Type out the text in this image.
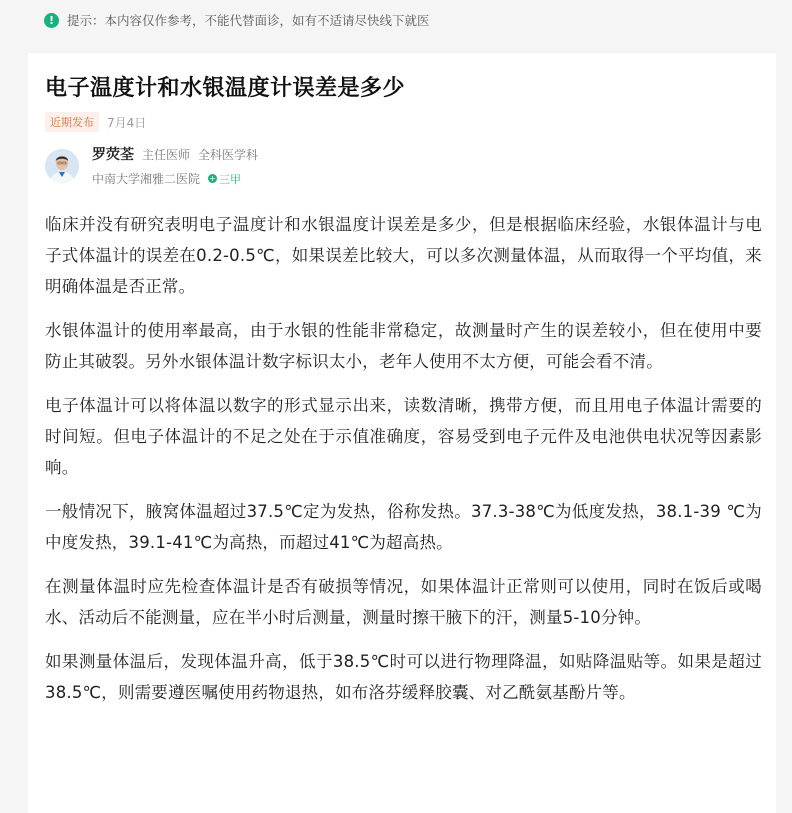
!	提示：本内容仅作参考，不能代替面诊，如有不适请尽快线下就医
电子温度计和水银温度计误差是多少
近期发布	7月4日
罗荧荃 主任医师 全科医学科
中南大学湘雅二医院 + 三甲

临床并没有研究表明电子温度计和水银温度计误差是多少，但是根据临床经验，水银体温计与电子式体温计的误差在0.2-0.5℃，如果误差比较大，可以多次测量体温，从而取得一个平均值，来明确体温是否正常。

水银体温计的使用率最高，由于水银的性能非常稳定，故测量时产生的误差较小，但在使用中要防止其破裂。另外水银体温计数字标识太小，老年人使用不太方便，可能会看不清。

电子体温计可以将体温以数字的形式显示出来，读数清晰，携带方便，而且用电子体温计需要的时间短。但电子体温计的不足之处在于示值准确度，容易受到电子元件及电池供电状况等因素影响。

一般情况下，腋窝体温超过37.5℃定为发热，俗称发热。37.3-38℃为低度发热，38.1-39 ℃为中度发热，39.1-41℃为高热，而超过41℃为超高热。

在测量体温时应先检查体温计是否有破损等情况，如果体温计正常则可以使用，同时在饭后或喝水、活动后不能测量，应在半小时后测量，测量时擦干腋下的汗，测量5-10分钟。

如果测量体温后，发现体温升高，低于38.5℃时可以进行物理降温，如贴降温贴等。如果是超过38.5℃，则需要遵医嘱使用药物退热，如布洛芬缓释胶囊、对乙酰氨基酚片等。
